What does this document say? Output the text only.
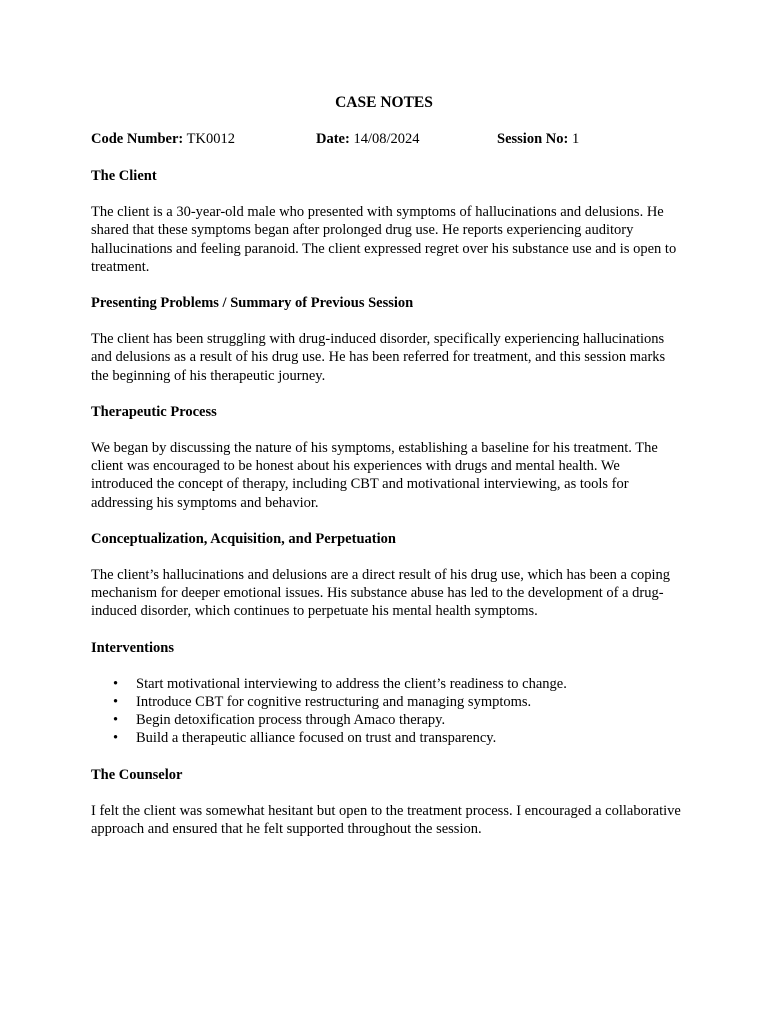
CASE NOTES
Code Number: TK0012	Date: 14/08/2024	Session No: 1
The Client
The client is a 30-year-old male who presented with symptoms of hallucinations and delusions. He shared that these symptoms began after prolonged drug use. He reports experiencing auditory hallucinations and feeling paranoid. The client expressed regret over his substance use and is open to treatment.
Presenting Problems / Summary of Previous Session
The client has been struggling with drug-induced disorder, specifically experiencing hallucinations and delusions as a result of his drug use. He has been referred for treatment, and this session marks the beginning of his therapeutic journey.
Therapeutic Process
We began by discussing the nature of his symptoms, establishing a baseline for his treatment. The client was encouraged to be honest about his experiences with drugs and mental health. We introduced the concept of therapy, including CBT and motivational interviewing, as tools for addressing his symptoms and behavior.
Conceptualization, Acquisition, and Perpetuation
The client’s hallucinations and delusions are a direct result of his drug use, which has been a coping mechanism for deeper emotional issues. His substance abuse has led to the development of a drug-induced disorder, which continues to perpetuate his mental health symptoms.
Interventions
• Start motivational interviewing to address the client’s readiness to change.
• Introduce CBT for cognitive restructuring and managing symptoms.
• Begin detoxification process through Amaco therapy.
• Build a therapeutic alliance focused on trust and transparency.
The Counselor
I felt the client was somewhat hesitant but open to the treatment process. I encouraged a collaborative approach and ensured that he felt supported throughout the session.
